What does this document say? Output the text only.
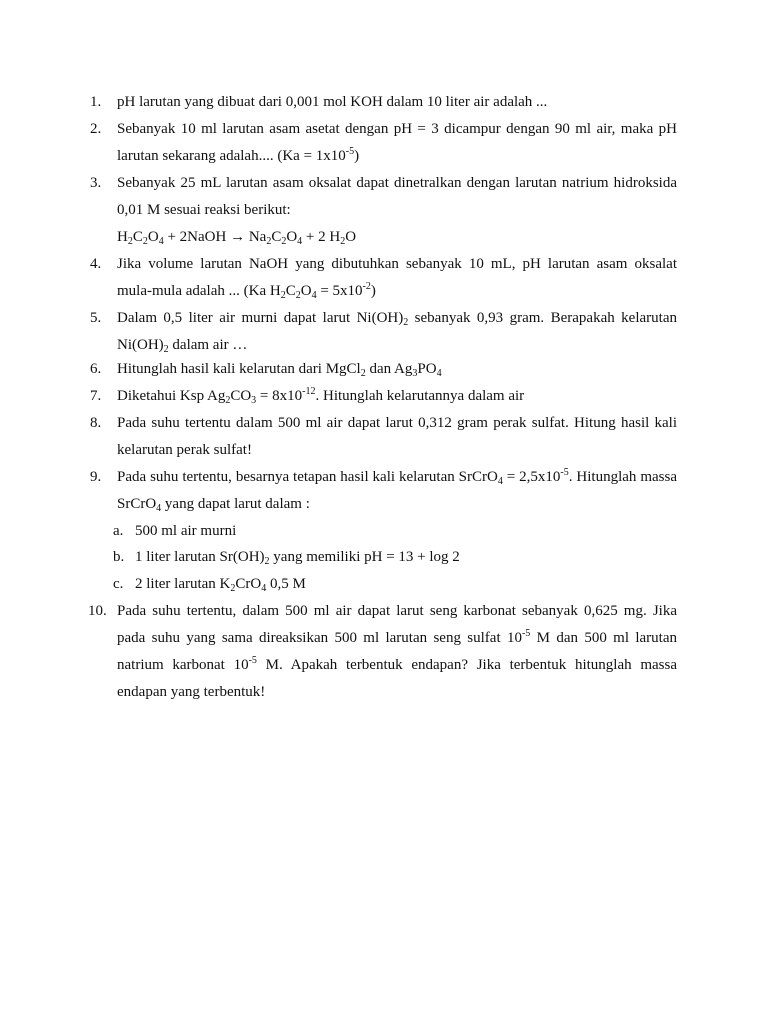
1.	pH larutan yang dibuat dari 0,001 mol KOH dalam 10 liter air adalah ...
2.	Sebanyak 10 ml larutan asam asetat dengan pH = 3 dicampur dengan 90 ml air, maka pH
larutan sekarang adalah.... $(Ka = 1x10^{-5})$
3.	Sebanyak 25 mL larutan asam oksalat dapat dinetralkan dengan larutan natrium hidroksida
0,01 M sesuai reaksi berikut:
$H_2C_2O_4$ + 2NaOH → $Na_2C_2O_4 + 2$ $H_2O$
4.	Jika volume larutan NaOH yang dibutuhkan sebanyak 10 mL, pH larutan asam oksalat
mula-mula adalah ... (Ka $H_2C_2O_4 = 5x10^{-2}$)
5.	Dalam 0,5 liter air murni dapat larut $Ni(OH)_2$ sebanyak 0,93 gram. Berapakah kelarutan
$Ni(OH)_2$ dalam air …
6.	Hitunglah hasil kali kelarutan dari MgCl$_2$ dan $Ag_3PO_4$
7.	Diketahui Ksp $Ag_2CO_3 = 8x10^{-12}$. Hitunglah kelarutannya dalam air
8.	Pada suhu tertentu dalam 500 ml air dapat larut 0,312 gram perak sulfat. Hitung hasil kali
kelarutan perak sulfat!
9.	Pada suhu tertentu, besarnya tetapan hasil kali kelarutan SrCrO$_4$ = $2,5x10^{-5}$. Hitunglah massa
SrCrO$_4$ yang dapat larut dalam :
a. 500 ml air murni
b. 1 liter larutan $Sr(OH)_2$ yang memiliki pH = 13 + log 2
c. 2 liter larutan $K_2CrO_4$ 0,5 M
10. Pada suhu tertentu, dalam 500 ml air dapat larut seng karbonat sebanyak 0,625 mg. Jika
pada suhu yang sama direaksikan 500 ml larutan seng sulfat $10^{-5}$ M dan 500 ml larutan
natrium karbonat $10^{-5}$ M. Apakah terbentuk endapan? Jika terbentuk hitunglah massa
endapan yang terbentuk!
